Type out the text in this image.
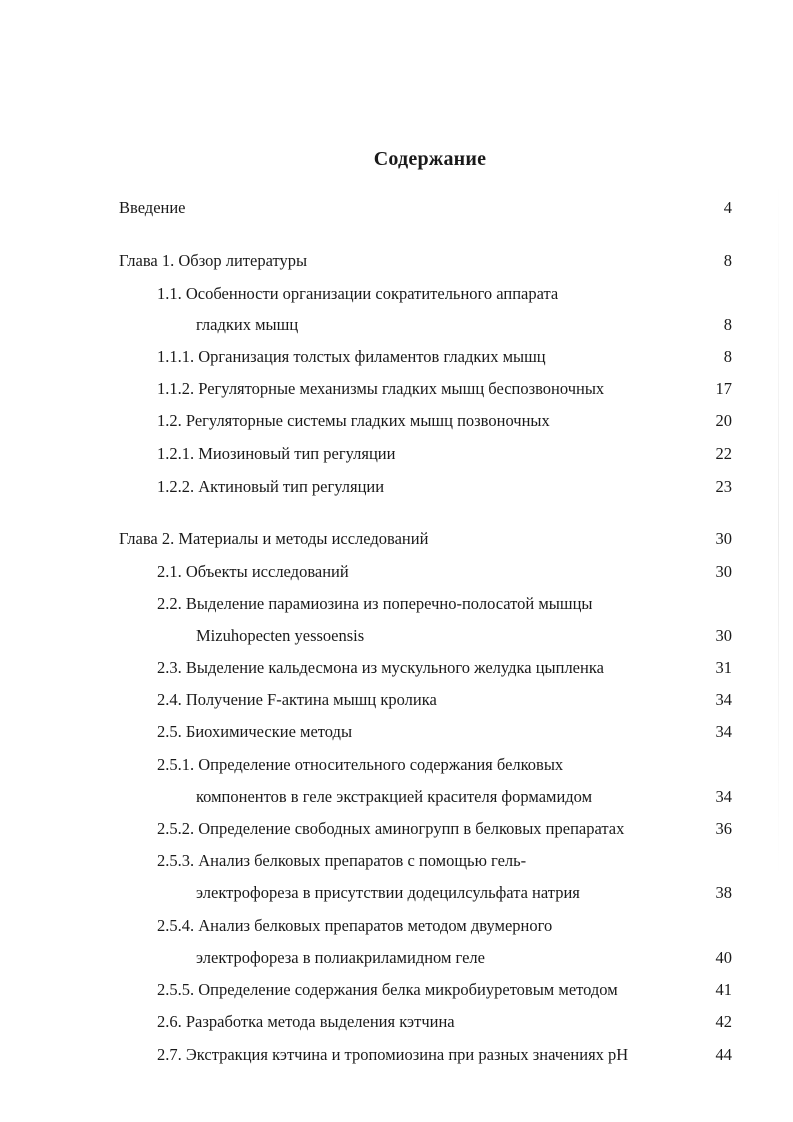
Содержание
Введение	4
Глава 1. Обзор литературы	8
1.1. Особенности организации сократительного аппарата
гладких мышц	8
1.1.1. Организация толстых филаментов гладких мышц	8
1.1.2. Регуляторные механизмы гладких мышц беспозвоночных	17
1.2. Регуляторные системы гладких мышц позвоночных	20
1.2.1. Миозиновый тип регуляции	22
1.2.2. Актиновый тип регуляции	23
Глава 2. Материалы и методы исследований	30
2.1. Объекты исследований	30
2.2. Выделение парамиозина из поперечно-полосатой мышцы
Mizuhopecten yessoensis	30
2.3. Выделение кальдесмона из мускульного желудка цыпленка	31
2.4. Получение F-актина мышц кролика	34
2.5. Биохимические методы	34
2.5.1. Определение относительного содержания белковых
компонентов в геле экстракцией красителя формамидом	34
2.5.2. Определение свободных аминогрупп в белковых препаратах	36
2.5.3. Анализ белковых препаратов с помощью гель-
электрофореза в присутствии додецилсульфата натрия	38
2.5.4. Анализ белковых препаратов методом двумерного
электрофореза в полиакриламидном геле	40
2.5.5. Определение содержания белка микробиуретовым методом	41
2.6. Разработка метода выделения кэтчина	42
2.7. Экстракция кэтчина и тропомиозина при разных значениях pH	44
